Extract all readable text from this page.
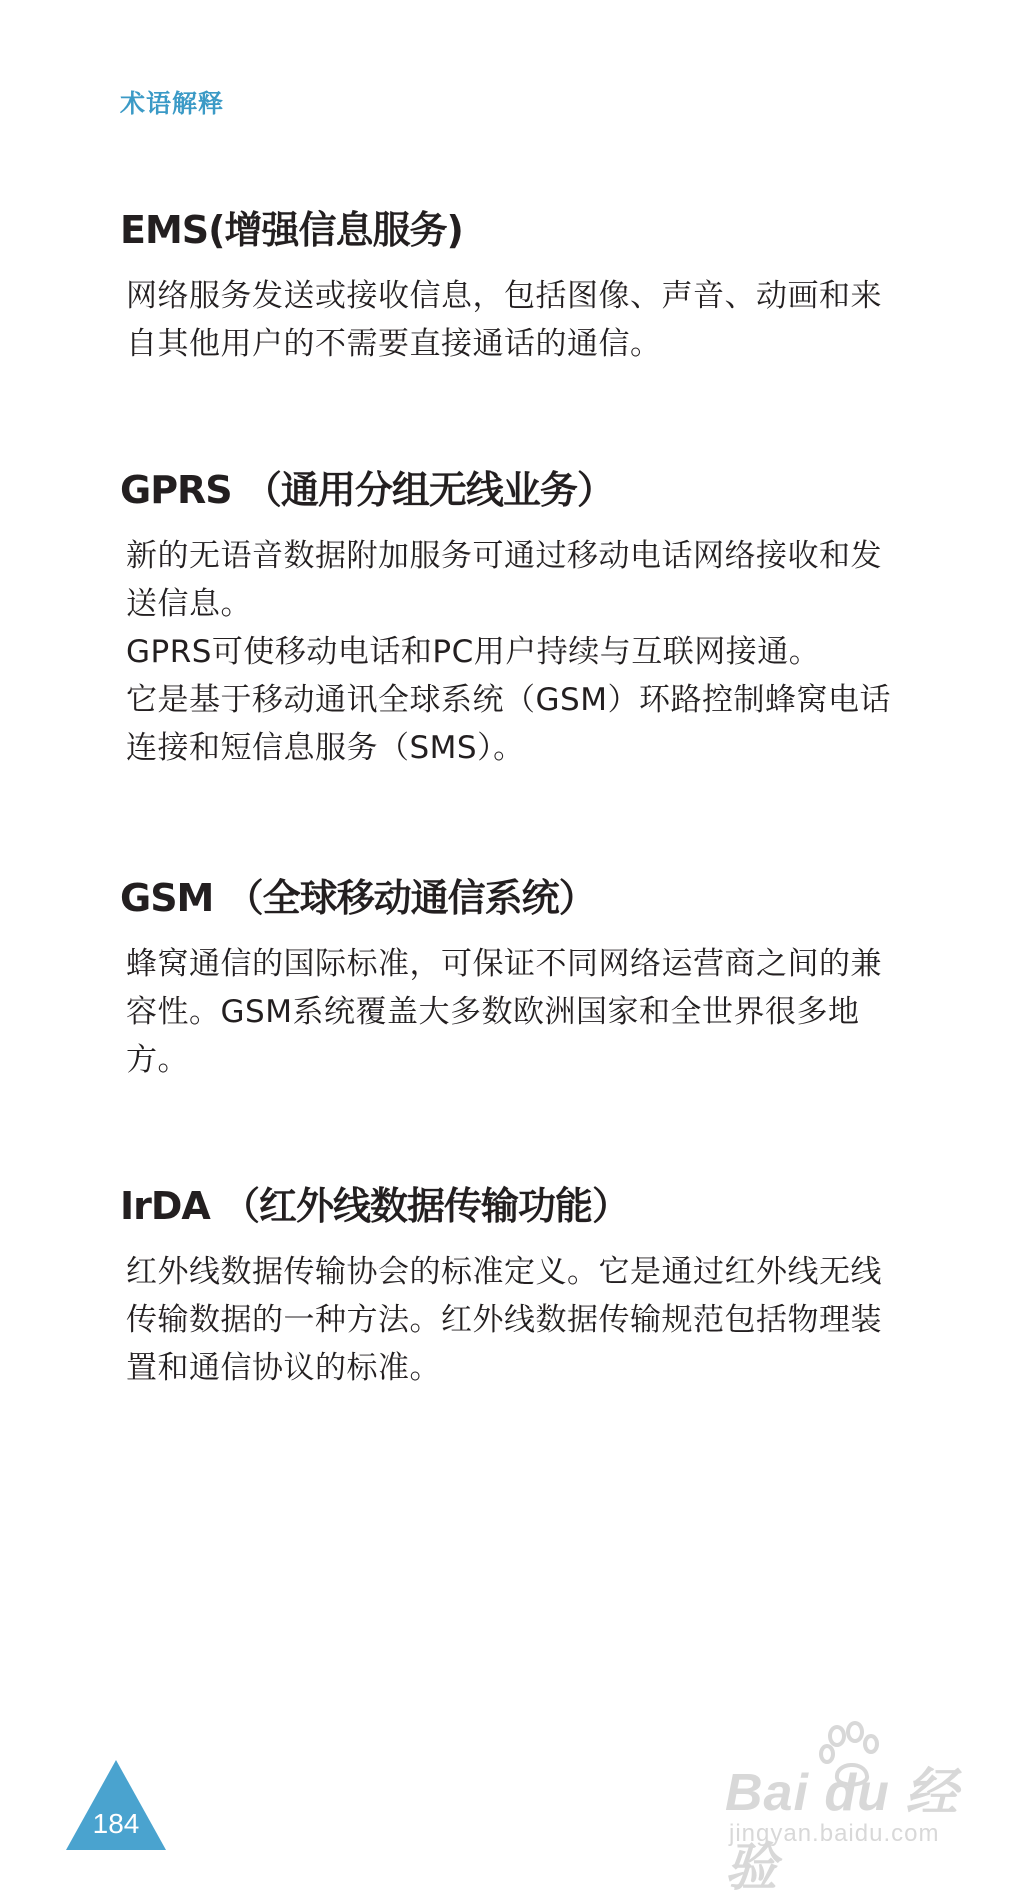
术语解释
EMS(增强信息服务)

网络服务发送或接收信息，包括图像、声音、动画和来自其他用户的不需要直接通话的通信。

GPRS （通用分组无线业务）

新的无语音数据附加服务可通过移动电话网络接收和发送信息。

GPRS可使移动电话和PC用户持续与互联网接通。

它是基于移动通讯全球系统（GSM）环路控制蜂窝电话连接和短信息服务（SMS）。

GSM （全球移动通信系统）

蜂窝通信的国际标准，可保证不同网络运营商之间的兼容性。GSM系统覆盖大多数欧洲国家和全世界很多地方。

IrDA （红外线数据传输功能）

红外线数据传输协会的标准定义。它是通过红外线无线传输数据的一种方法。红外线数据传输规范包括物理装置和通信协议的标准。

184
Bai du 经验
jingyan.baidu.com
